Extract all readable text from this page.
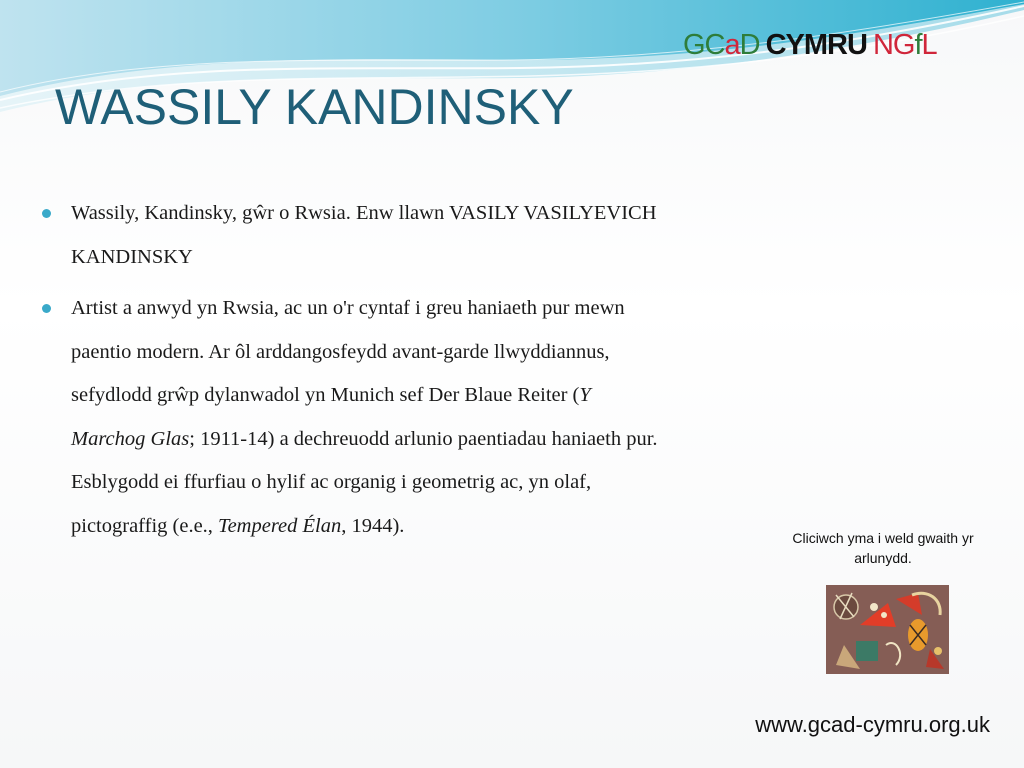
GCaD CYMRU NGfL
WASSILY KANDINSKY
Wassily, Kandinsky, gŵr o Rwsia. Enw llawn VASILY VASILYEVICH KANDINSKY
Artist a anwyd yn Rwsia, ac un o'r cyntaf i greu haniaeth pur mewn paentio modern. Ar ôl arddangosfeydd avant-garde llwyddiannus, sefydlodd grŵp dylanwadol yn Munich sef Der Blaue Reiter (Y Marchog Glas; 1911-14) a dechreuodd arlunio paentiadau haniaeth pur. Esblygodd ei ffurfiau o hylif ac organig i geometrig ac, yn olaf, pictograffig (e.e., Tempered Élan, 1944).
Cliciwch yma i weld gwaith yr arlunydd.
www.gcad-cymru.org.uk
